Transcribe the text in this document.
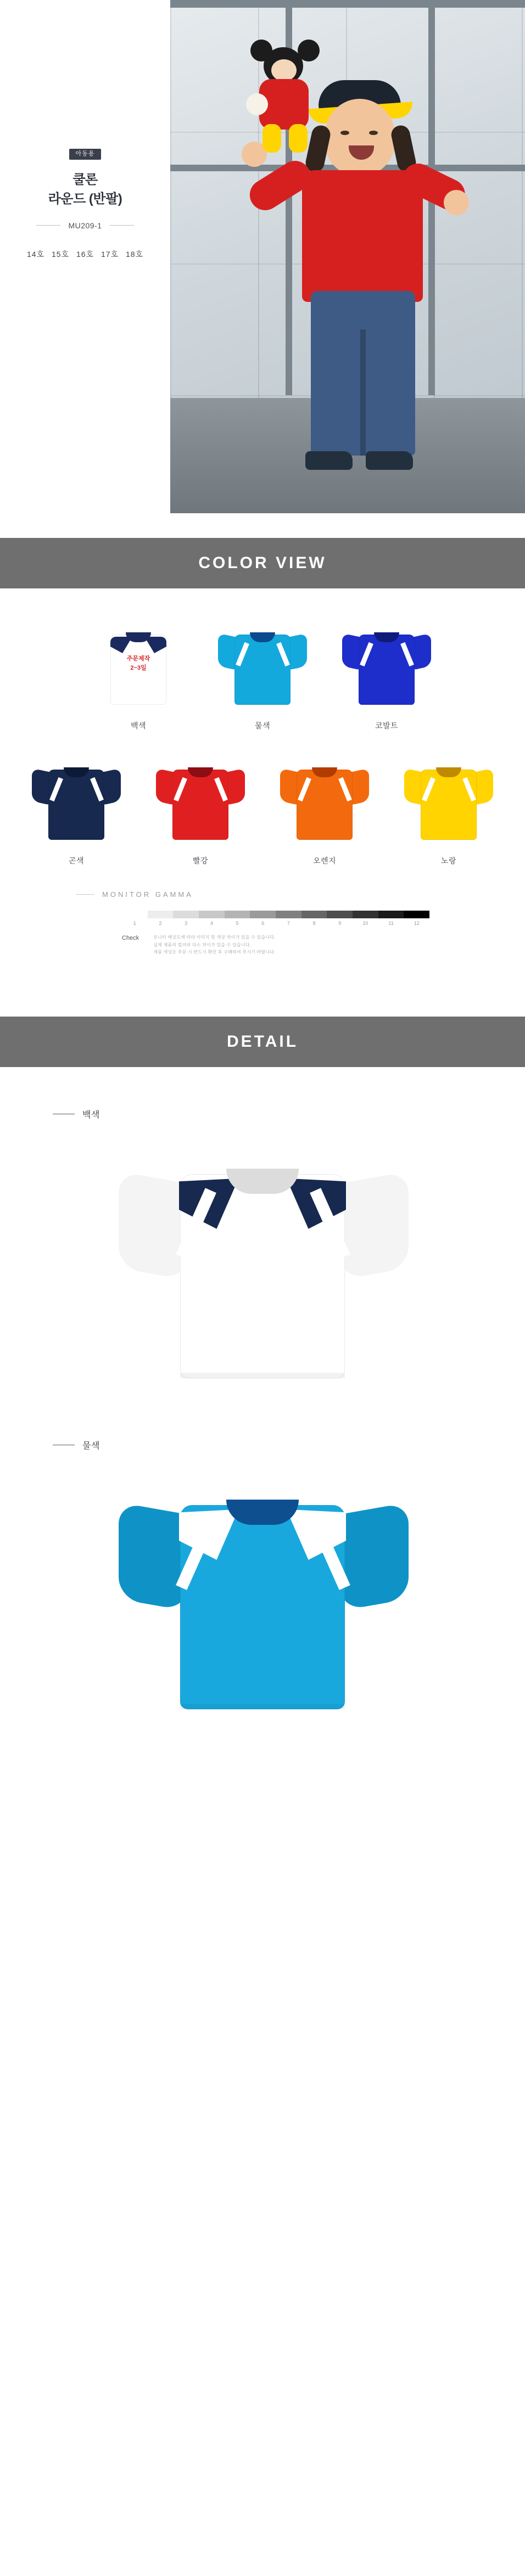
아동용
쿨론
라운드 (반팔)
MU209-1
14호 15호 16호 17호 18호
COLOR VIEW
주문제작
2~3일
백색	물색	코발트
곤색	빨강	오렌지	노랑
MONITOR GAMMA
1	2	3	4	5	6	7	8	9	10	11	12
Check	모니터 해상도에 따라 이미지 및 색상 차이가 있을 수 있습니다.
실제 제품의 컬러와 다소 차이가 있을 수 있습니다.
제품 색상은 주문 시 반드시 확인 후 구매하여 주시기 바랍니다.
DETAIL
백색
물색
